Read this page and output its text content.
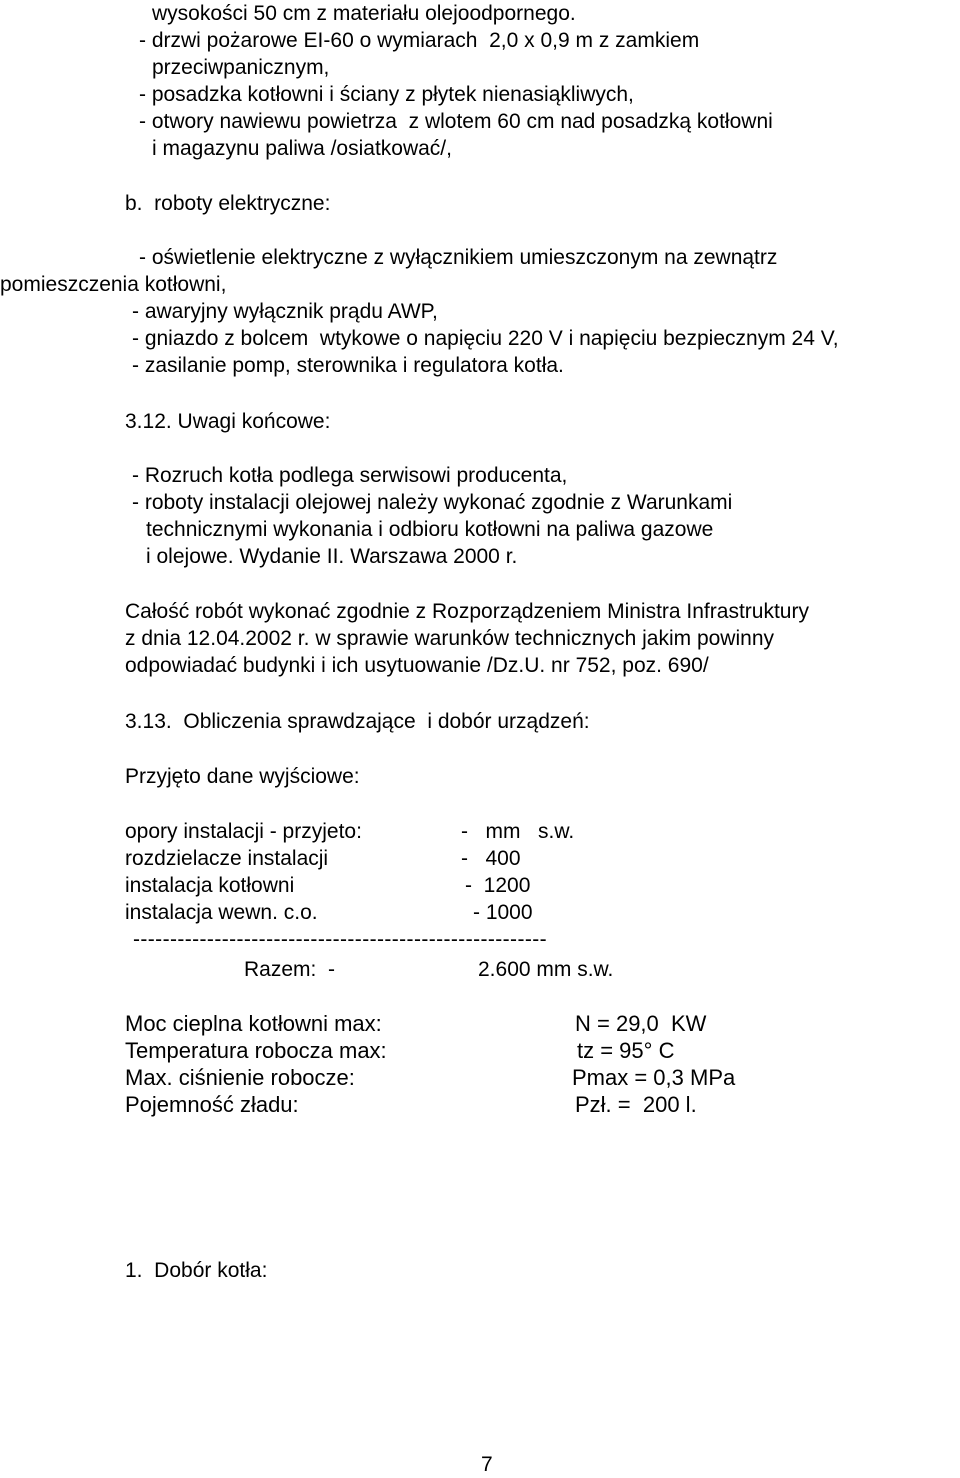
wysokości 50 cm z materiału olejoodpornego.
- drzwi pożarowe EI-60 o wymiarach  2,0 x 0,9 m z zamkiem
przeciwpanicznym,
- posadzka kotłowni i ściany z płytek nienasiąkliwych,
- otwory nawiewu powietrza  z wlotem 60 cm nad posadzką kotłowni
i magazynu paliwa /osiatkować/,
b.  roboty elektryczne:
- oświetlenie elektryczne z wyłącznikiem umieszczonym na zewnątrz
pomieszczenia kotłowni,
- awaryjny wyłącznik prądu AWP,
- gniazdo z bolcem  wtykowe o napięciu 220 V i napięciu bezpiecznym 24 V,
- zasilanie pomp, sterownika i regulatora kotła.
3.12. Uwagi końcowe:
- Rozruch kotła podlega serwisowi producenta,
- roboty instalacji olejowej należy wykonać zgodnie z Warunkami
technicznymi wykonania i odbioru kotłowni na paliwa gazowe
i olejowe. Wydanie II. Warszawa 2000 r.
Całość robót wykonać zgodnie z Rozporządzeniem Ministra Infrastruktury
z dnia 12.04.2002 r. w sprawie warunków technicznych jakim powinny
odpowiadać budynki i ich usytuowanie /Dz.U. nr 752, poz. 690/
3.13.  Obliczenia sprawdzające  i dobór urządzeń:
Przyjęto dane wyjściowe:
opory instalacji - przyjeto:	-   mm   s.w.
rozdzielacze instalacji	-   400
instalacja kotłowni	-  1200
instalacja wewn. c.o.	- 1000
--------------------------------------------------------
Razem:  -	2.600 mm s.w.
Moc cieplna kotłowni max:	N = 29,0  KW
Temperatura robocza max:	tz = 95° C
Max. ciśnienie robocze:	Pmax = 0,3 MPa
Pojemność zładu:	Pzł. =  200 l.
1.  Dobór kotła:
7
